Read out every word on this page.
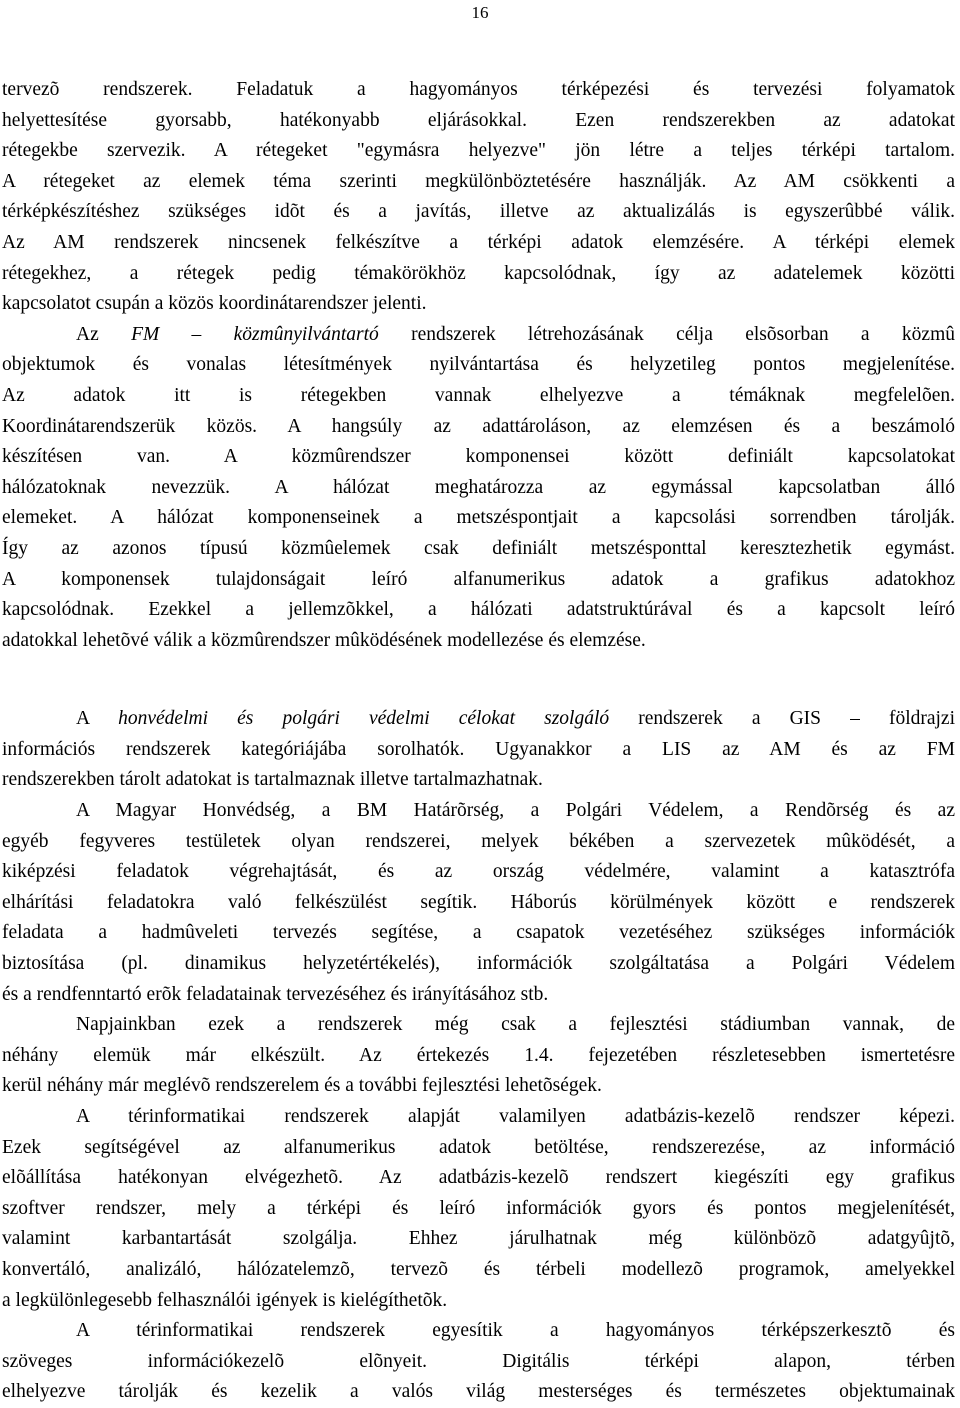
16
tervezõ rendszerek. Feladatuk a hagyományos térképezési és tervezési folyamatok
helyettesítése gyorsabb, hatékonyabb eljárásokkal. Ezen rendszerekben az adatokat
rétegekbe szervezik. A rétegeket "egymásra helyezve" jön létre a teljes térképi tartalom.
A rétegeket az elemek téma szerinti megkülönböztetésére használják. Az AM csökkenti a
térképkészítéshez szükséges idõt és a javítás, illetve az aktualizálás is egyszerûbbé válik.
Az AM rendszerek nincsenek felkészítve a térképi adatok elemzésére. A térképi elemek
rétegekhez, a rétegek pedig témakörökhöz kapcsolódnak, így az adatelemek közötti
kapcsolatot csupán a közös koordinátarendszer jelenti.
Az FM – közmûnyilvántartó rendszerek létrehozásának célja elsõsorban a közmû
objektumok és vonalas létesítmények nyilvántartása és helyzetileg pontos megjelenítése.
Az adatok itt is rétegekben vannak elhelyezve a témáknak megfelelõen.
Koordinátarendszerük közös. A hangsúly az adattároláson, az elemzésen és a beszámoló
készítésen van. A közmûrendszer komponensei között definiált kapcsolatokat
hálózatoknak nevezzük. A hálózat meghatározza az egymással kapcsolatban álló
elemeket. A hálózat komponenseinek a metszéspontjait a kapcsolási sorrendben tárolják.
Így az azonos típusú közmûelemek csak definiált metszésponttal keresztezhetik egymást.
A komponensek tulajdonságait leíró alfanumerikus adatok a grafikus adatokhoz
kapcsolódnak. Ezekkel a jellemzõkkel, a hálózati adatstruktúrával és a kapcsolt leíró
adatokkal lehetõvé válik a közmûrendszer mûködésének modellezése és elemzése.
A honvédelmi és polgári védelmi célokat szolgáló rendszerek a GIS – földrajzi
információs rendszerek kategóriájába sorolhatók. Ugyanakkor a LIS az AM és az FM
rendszerekben tárolt adatokat is tartalmaznak illetve tartalmazhatnak.
A Magyar Honvédség, a BM Határõrség, a Polgári Védelem, a Rendõrség és az
egyéb fegyveres testületek olyan rendszerei, melyek békében a szervezetek mûködését, a
kiképzési feladatok végrehajtását, és az ország védelmére, valamint a katasztrófa
elhárítási feladatokra való felkészülést segítik. Háborús körülmények között e rendszerek
feladata a hadmûveleti tervezés segítése, a csapatok vezetéséhez szükséges információk
biztosítása (pl. dinamikus helyzetértékelés), információk szolgáltatása a Polgári Védelem
és a rendfenntartó erõk feladatainak tervezéséhez és irányításához stb.
Napjainkban ezek a rendszerek még csak a fejlesztési stádiumban vannak, de
néhány elemük már elkészült. Az értekezés 1.4. fejezetében részletesebben ismertetésre
kerül néhány már meglévõ rendszerelem és a további fejlesztési lehetõségek.
A térinformatikai rendszerek alapját valamilyen adatbázis-kezelõ rendszer képezi.
Ezek segítségével az alfanumerikus adatok betöltése, rendszerezése, az információ
elõállítása hatékonyan elvégezhetõ. Az adatbázis-kezelõ rendszert kiegészíti egy grafikus
szoftver rendszer, mely a térképi és leíró információk gyors és pontos megjelenítését,
valamint karbantartását szolgálja. Ehhez járulhatnak még különbözõ adatgyûjtõ,
konvertáló, analizáló, hálózatelemzõ, tervezõ és térbeli modellezõ programok, amelyekkel
a legkülönlegesebb felhasználói igények is kielégíthetõk.
A térinformatikai rendszerek egyesítik a hagyományos térképszerkesztõ és
szöveges információkezelõ elõnyeit. Digitális térképi alapon, térben
elhelyezve tárolják és kezelik a valós világ mesterséges és természetes objektumainak
